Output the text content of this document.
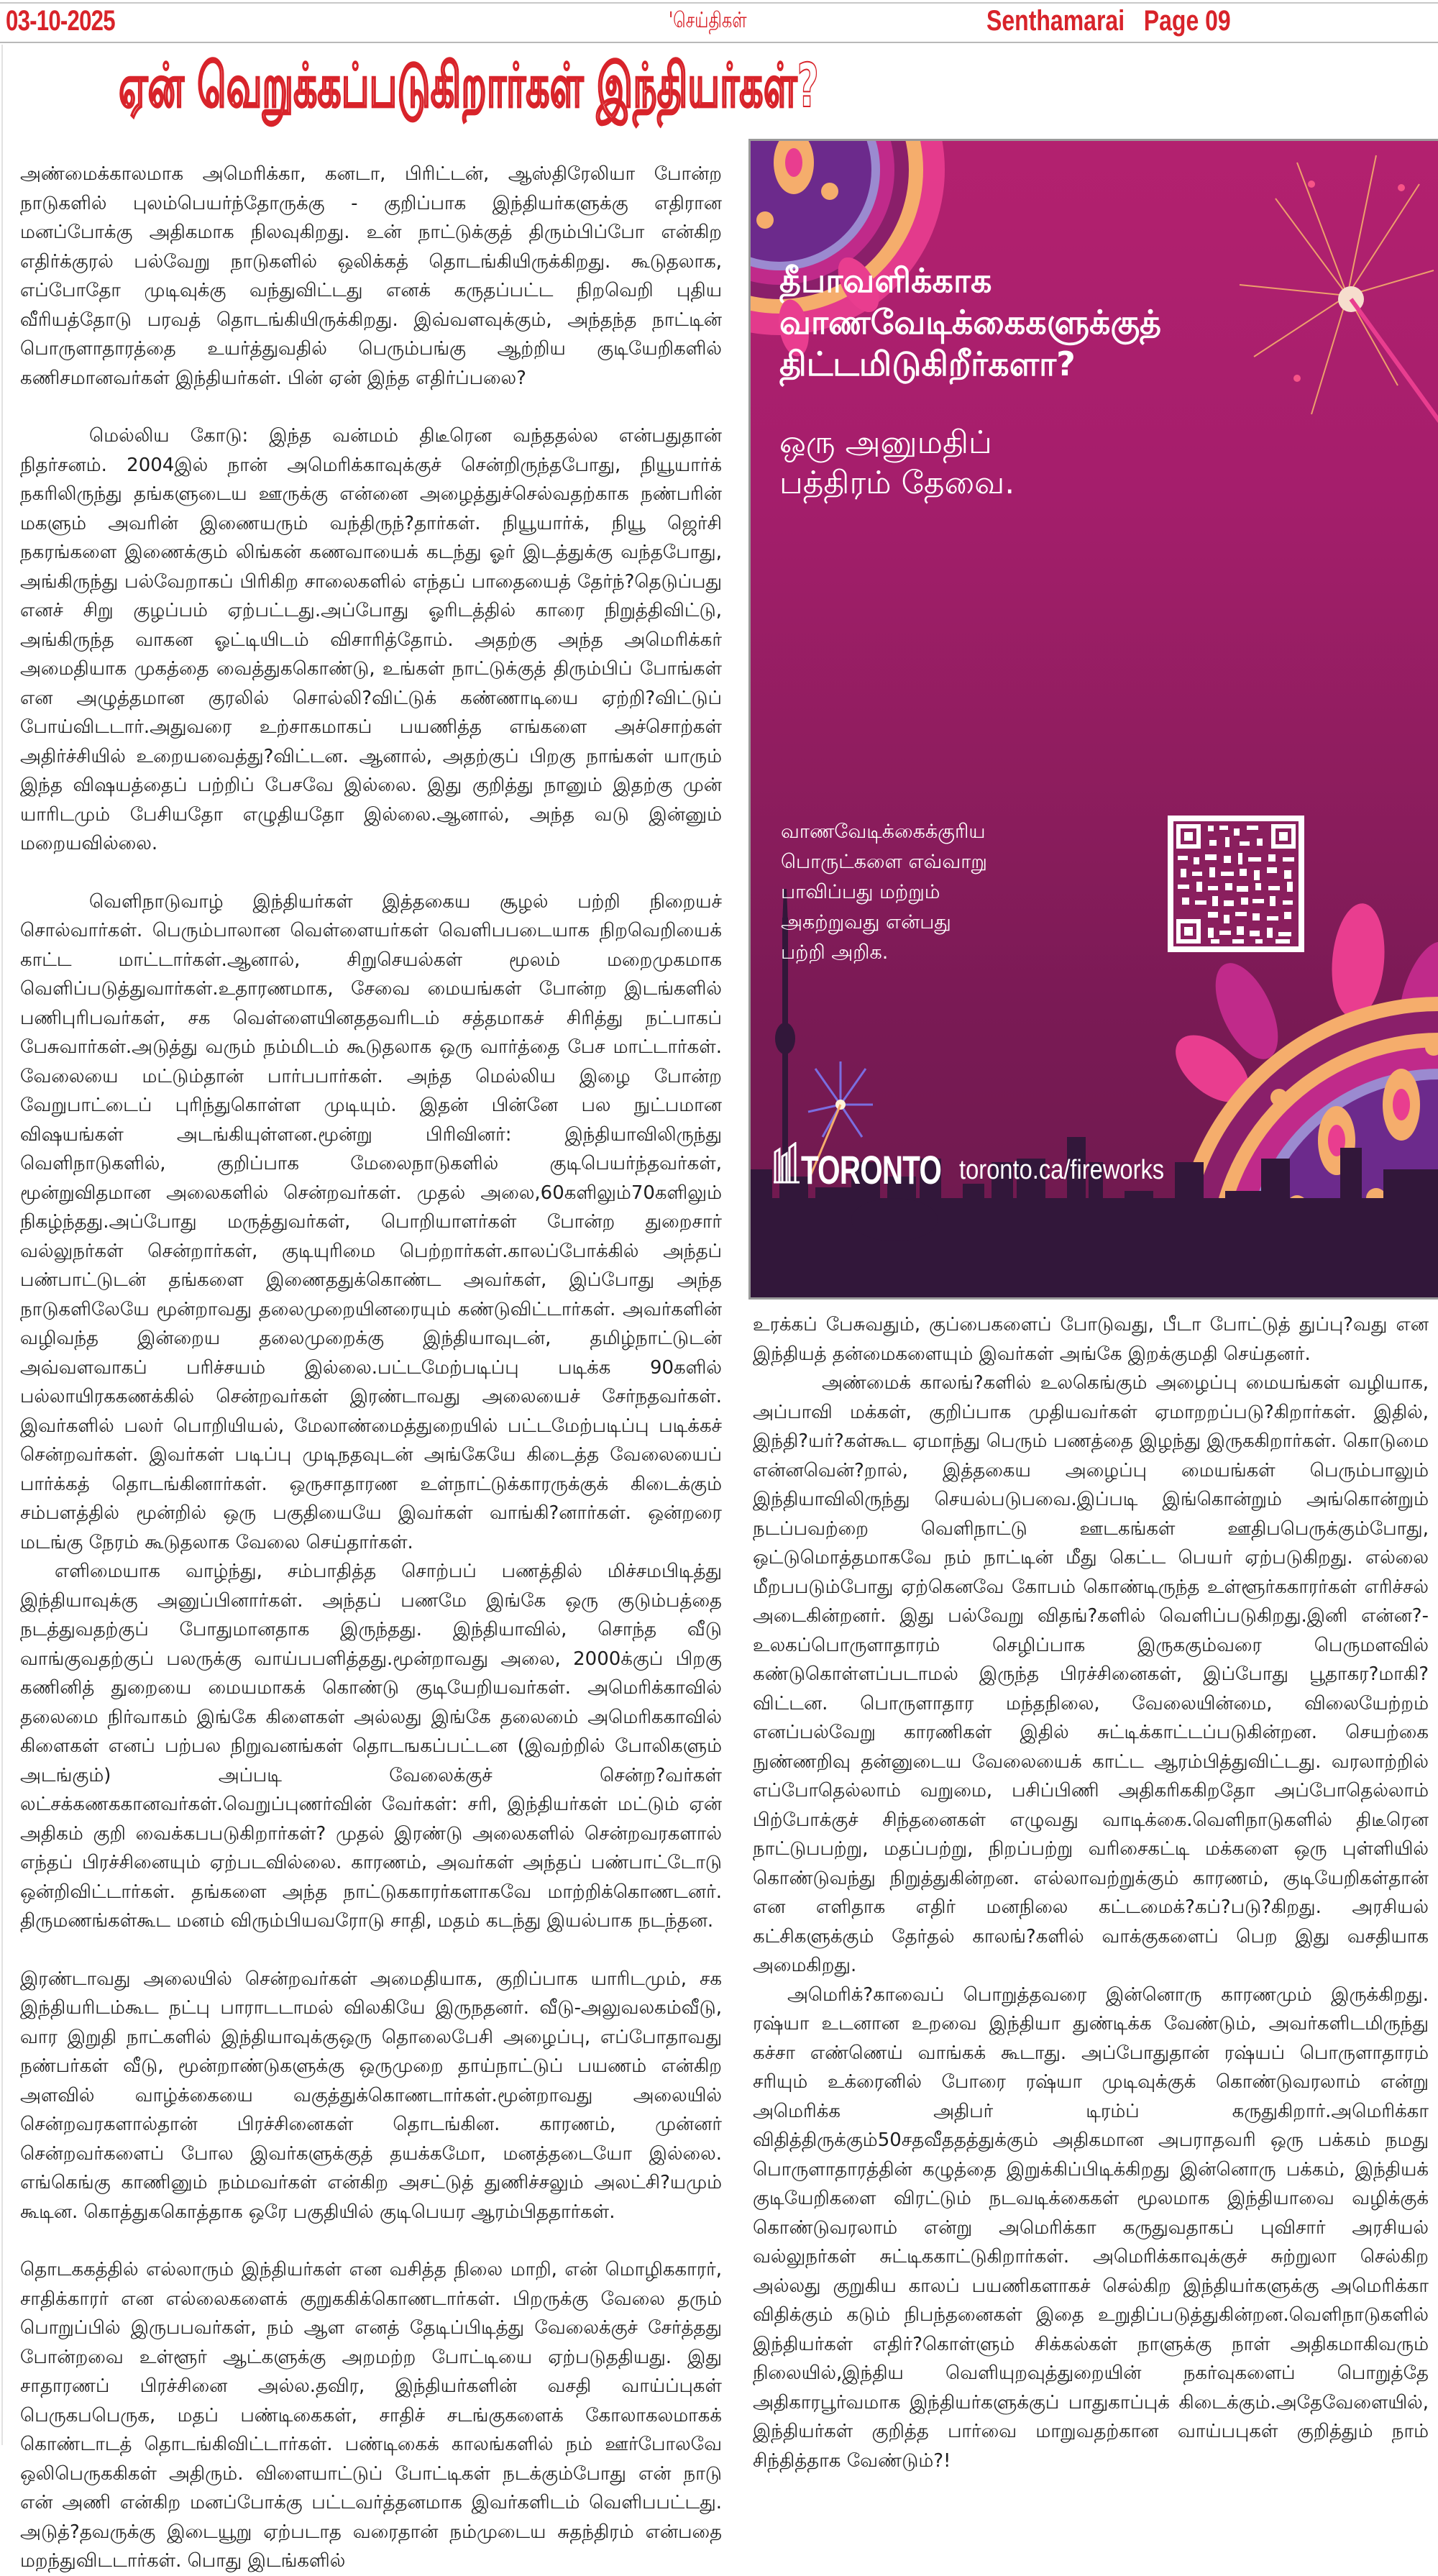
03-10-2025	'செய்திகள்	Senthamarai Page 09
ஏன் வெறுக்கப்படுகிறார்கள் இந்தியர்கள்?

அண்மைக்காலமாக அமெரிக்கா, கனடா, பிரிட்டன், ஆஸ்திரேலியா போன்ற நாடுகளில் புலம்பெயர்ந்தோருக்கு - குறிப்பாக இந்தியர்களுக்கு எதிரான மனப்போக்கு அதிகமாக நிலவுகிறது. உன் நாட்டுக்குத் திரும்பிப்போ என்கிற எதிர்க்குரல் பல்வேறு நாடுகளில் ஒலிக்கத் தொடங்கியிருக்கிறது. கூடுதலாக, எப்போதோ முடிவுக்கு வந்துவிட்டது எனக் கருதப்பட்ட நிறவெறி புதிய வீரியத்தோடு பரவத் தொடங்கியிருக்கிறது. இவ்வளவுக்கும், அந்தந்த நாட்டின் பொருளாதாரத்தை உயர்த்துவதில் பெரும்பங்கு ஆற்றிய குடியேறிகளில் கணிசமானவர்கள் இந்தியர்கள். பின் ஏன் இந்த எதிர்ப்பலை?

மெல்லிய கோடு: இந்த வன்மம் திடீரென வந்ததல்ல என்பதுதான் நிதர்சனம். 2004இல் நான் அமெரிக்காவுக்குச் சென்றிருந்தபோது, நியூயார்க் நகரிலிருந்து தங்களுடைய ஊருக்கு என்னை அழைத்துச்செல்வதற்காக நண்பரின் மகளும் அவரின் இணையரும் வந்திருந்?தார்கள். நியூயார்க், நியூ ஜெர்சி நகரங்களை இணைக்கும் லிங்கன் கணவாயைக் கடந்து ஓர் இடத்துக்கு வந்தபோது, அங்கிருந்து பல்வேறாகப் பிரிகிற சாலைகளில் எந்தப் பாதையைத் தேர்ந்?தெடுப்பது எனச் சிறு குழப்பம் ஏற்பட்டது.அப்போது ஓரிடத்தில் காரை நிறுத்திவிட்டு, அங்கிருந்த வாகன ஓட்டியிடம் விசாரித்தோம். அதற்கு அந்த அமெரிக்கர் அமைதியாக முகத்தை வைத்துககொண்டு, உங்கள் நாட்டுக்குத் திரும்பிப் போங்கள் என அழுத்தமான குரலில் சொல்லி?விட்டுக் கண்ணாடியை ஏற்றி?விட்டுப் போய்விடடார்.அதுவரை உற்சாகமாகப் பயணித்த எங்களை அச்சொற்கள் அதிர்ச்சியில் உறையவைத்து?விட்டன. ஆனால், அதற்குப் பிறகு நாங்கள் யாரும் இந்த விஷயத்தைப் பற்றிப் பேசவே இல்லை. இது குறித்து நானும் இதற்கு முன் யாரிடமும் பேசியதோ எழுதியதோ இல்லை.ஆனால், அந்த வடு இன்னும் மறையவில்லை.

வெளிநாடுவாழ் இந்தியர்கள் இத்தகைய சூழல் பற்றி நிறையச் சொல்வார்கள். பெரும்பாலான வெள்ளையர்கள் வெளிபபடையாக நிறவெறியைக் காட்ட மாட்டார்கள்.ஆனால், சிறுசெயல்கள் மூலம் மறைமுகமாக வெளிப்படுத்துவார்கள்.உதாரணமாக, சேவை மையங்கள் போன்ற இடங்களில் பணிபுரிபவர்கள், சக வெள்ளையினததவரிடம் சத்தமாகச் சிரித்து நட்பாகப் பேசுவார்கள்.அடுத்து வரும் நம்மிடம் கூடுதலாக ஒரு வார்த்தை பேச மாட்டார்கள். வேலையை மட்டும்தான் பார்பபார்கள். அந்த மெல்லிய இழை போன்ற வேறுபாட்டைப் புரிந்துகொள்ள முடியும். இதன் பின்னே பல நுட்பமான விஷயங்கள் அடங்கியுள்ளன.மூன்று பிரிவினர்: இந்தியாவிலிருந்து வெளிநாடுகளில், குறிப்பாக மேலைநாடுகளில் குடிபெயர்ந்தவர்கள், மூன்றுவிதமான அலைகளில் சென்றவர்கள். முதல் அலை,60களிலும்70களிலும் நிகழ்ந்தது.அப்போது மருத்துவர்கள், பொறியாளர்கள் போன்ற துறைசார் வல்லுநர்கள் சென்றார்கள், குடியுரிமை பெற்றார்கள்.காலப்போக்கில் அந்தப் பண்பாட்டுடன் தங்களை இணைததுக்கொண்ட அவர்கள், இப்போது அந்த நாடுகளிலேயே மூன்றாவது தலைமுறையினரையும் கண்டுவிட்டார்கள். அவர்களின் வழிவந்த இன்றைய தலைமுறைக்கு இந்தியாவுடன், தமிழ்நாட்டுடன் அவ்வளவாகப் பரிச்சயம் இல்லை.பட்டமேற்படிப்பு படிக்க 90களில் பல்லாயிரககணக்கில் சென்றவர்கள் இரண்டாவது அலையைச் சேர்நதவர்கள். இவர்களில் பலர் பொறியியல், மேலாண்மைத்துறையில் பட்டமேற்படிப்பு படிக்கச் சென்றவர்கள். இவர்கள் படிப்பு முடிநதவுடன் அங்கேயே கிடைத்த வேலையைப் பார்க்கத் தொடங்கினார்கள். ஒருசாதாரண உள்நாட்டுக்காரருக்குக் கிடைக்கும் சம்பளத்தில் மூன்றில் ஒரு பகுதியையே இவர்கள் வாங்கி?னார்கள். ஒன்றரை மடங்கு நேரம் கூடுதலாக வேலை செய்தார்கள்.

எளிமையாக வாழ்ந்து, சம்பாதித்த சொற்பப் பணத்தில் மிச்சமபிடித்து இந்தியாவுக்கு அனுப்பினார்கள். அந்தப் பணமே இங்கே ஒரு குடும்பத்தை நடத்துவதற்குப் போதுமானதாக இருந்தது. இந்தியாவில், சொந்த வீடு வாங்குவதற்குப் பலருக்கு வாய்பபளித்தது.மூன்றாவது அலை, 2000க்குப் பிறகு கணினித் துறையை மையமாகக் கொண்டு குடியேறியவர்கள். அமெரிக்காவில் தலைமை நிர்வாகம் இங்கே கிளைகள் அல்லது இங்கே தலைமை் அமெரிககாவில் கிளைகள் எனப் பற்பல நிறுவனங்கள் தொடஙகப்பட்டன (இவற்றில் போலிகளும் அடங்கும்) அப்படி வேலைக்குச் சென்ற?வர்கள் லட்சக்கணககானவர்கள்.வெறுப்புணர்வின் வேர்கள்: சரி, இந்தியர்கள் மட்டும் ஏன் அதிகம் குறி வைக்கபபடுகிறார்கள்? முதல் இரண்டு அலைகளில் சென்றவரகளால் எந்தப் பிரச்சினையும் ஏற்படவில்லை. காரணம், அவர்கள் அந்தப் பண்பாட்டோடு ஒன்றிவிட்டார்கள். தங்களை அந்த நாட்டுககாரர்களாகவே மாற்றிக்கொணடனர். திருமணங்கள்கூட மனம் விரும்பியவரோடு சாதி, மதம் கடந்து இயல்பாக நடந்தன.

இரண்டாவது அலையில் சென்றவர்கள் அமைதியாக, குறிப்பாக யாரிடமும், சக இந்தியரிடம்கூட நட்பு பாராடடாமல் விலகியே இருநதனர். வீடு-அலுவலகம்வீடு, வார இறுதி நாட்களில் இந்தியாவுக்குஒரு தொலைபேசி அழைப்பு, எப்போதாவது நண்பர்கள் வீடு, மூன்றாண்டுகளுக்கு ஒருமுறை தாய்நாட்டுப் பயணம் என்கிற அளவில் வாழ்க்கையை வகுத்துக்கொணடார்கள்.மூன்றாவது அலையில் சென்றவரகளால்தான் பிரச்சினைகள் தொடங்கின. காரணம், முன்னர் சென்றவர்களைப் போல இவர்களுக்குத் தயக்கமோ, மனத்தடையோ இல்லை. எங்கெங்கு காணினும் நம்மவர்கள் என்கிற அசட்டுத் துணிச்சலும் அலட்சி?யமும் கூடின. கொத்துககொத்தாக ஒரே பகுதியில் குடிபெயர ஆரம்பிததார்கள்.

தொடககத்தில் எல்லாரும் இந்தியர்கள் என வசித்த நிலை மாறி, என் மொழிககாரர், சாதிக்காரர் என எல்லைகளைக் குறுககிக்கொணடார்கள். பிறருக்கு வேலை தரும் பொறுப்பில் இருபபவர்கள், நம் ஆள எனத் தேடிப்பிடித்து வேலைக்குச் சேர்த்தது போன்றவை உள்ளூர் ஆட்களுக்கு அறமற்ற போட்டியை ஏற்படுததியது. இது சாதாரணப் பிரச்சினை அல்ல.தவிர, இந்தியர்களின் வசதி வாய்ப்புகள் பெருகபபெருக, மதப் பண்டிகைகள், சாதிச் சடங்குகளைக் கோலாகலமாகக் கொண்டாடத் தொடங்கிவிட்டார்கள். பண்டிகைக் காலங்களில் நம் ஊர்போலவே ஒலிபெருககிகள் அதிரும். விளையாட்டுப் போட்டிகள் நடக்கும்போது என் நாடு என் அணி என்கிற மனப்போக்கு பட்டவர்த்தனமாக இவர்களிடம் வெளிபபட்டது. அடுத்?தவருக்கு இடையூறு ஏற்படாத வரைதான் நம்முடைய சுதந்திரம் என்பதை மறந்துவிடடார்கள். பொது இடங்களில்

தீபாவளிக்காக
வாணவேடிக்கைகளுக்குத்
திட்டமிடுகிறீர்களா?
ஒரு அனுமதிப்
பத்திரம் தேவை.
வாணவேடிக்கைக்குரிய
பொருட்களை எவ்வாறு
பாவிப்பது மற்றும்
அகற்றுவது என்பது
பற்றி அறிக.
TORONTO toronto.ca/fireworks

உரக்கப் பேசுவதும், குப்பைகளைப் போடுவது, பீடா போட்டுத் துப்பு?வது என இந்தியத் தன்மைகளையும் இவர்கள் அங்கே இறக்குமதி செய்தனர்.

அண்மைக் காலங்?களில் உலகெங்கும் அழைப்பு மையங்கள் வழியாக, அப்பாவி மக்கள், குறிப்பாக முதியவர்கள் ஏமாறறப்படு?கிறார்கள். இதில், இந்தி?யர்?கள்கூட ஏமாந்து பெரும் பணத்தை இழந்து இருககிறார்கள். கொடுமை என்னவென்?றால், இத்தகைய அழைப்பு மையங்கள் பெரும்பாலும் இந்தியாவிலிருந்து செயல்படுபவை.இப்படி இங்கொன்றும் அங்கொன்றும் நடப்பவற்றை வெளிநாட்டு ஊடகங்கள் ஊதிபபெருக்கும்போது, ஒட்டுமொத்தமாகவே நம் நாட்டின் மீது கெட்ட பெயர் ஏற்படுகிறது. எல்லை மீறபபடும்போது ஏற்கெனவே கோபம் கொண்டிருந்த உள்ளூர்ககாரர்கள் எரிச்சல் அடைகின்றனர். இது பல்வேறு விதங்?களில் வெளிப்படுகிறது.இனி என்ன?- உலகப்பொருளாதாரம் செழிப்பாக இருககும்வரை பெருமளவில் கண்டுகொள்ளப்படாமல் இருந்த பிரச்சினைகள், இப்போது பூதாகர?மாகி?விட்டன. பொருளாதார மந்தநிலை, வேலையின்மை, விலையேற்றம் எனப்பல்வேறு காரணிகள் இதில் சுட்டிக்காட்டப்படுகின்றன. செயற்கை நுண்ணறிவு தன்னுடைய வேலையைக் காட்ட ஆரம்பித்துவிட்டது. வரலாற்றில் எப்போதெல்லாம் வறுமை, பசிப்பிணி அதிகரிககிறதோ அப்போதெல்லாம் பிற்போக்குச் சிந்தனைகள் எழுவது வாடிக்கை.வெளிநாடுகளில் திடீரென நாட்டுபபற்று, மதப்பற்று, நிறப்பற்று வரிசைகட்டி மக்களை ஒரு புள்ளியில் கொண்டுவந்து நிறுத்துகின்றன. எல்லாவற்றுக்கும் காரணம், குடியேறிகள்தான் என எளிதாக எதிர் மனநிலை கட்டமைக்?கப்?படு?கிறது. அரசியல் கட்சிகளுக்கும் தேர்தல் காலங்?களில் வாக்குகளைப் பெற இது வசதியாக அமைகிறது.

அமெரிக்?காவைப் பொறுத்தவரை இன்னொரு காரணமும் இருக்கிறது. ரஷ்யா உடனான உறவை இந்தியா துண்டிக்க வேண்டும், அவர்களிடமிருந்து கச்சா எண்ணெய் வாங்கக் கூடாது. அப்போதுதான் ரஷ்யப் பொருளாதாரம் சரியும் உக்ரைனில் போரை ரஷ்யா முடிவுக்குக் கொண்டுவரலாம் என்று அமெரிக்க அதிபர் டிரம்ப் கருதுகிறார்.அமெரிக்கா விதித்திருக்கும்50சதவீததத்துக்கும் அதிகமான அபராதவரி ஒரு பக்கம் நமது பொருளாதாரத்தின் கழுத்தை இறுக்கிப்பிடிக்கிறது இன்னொரு பக்கம், இந்தியக் குடியேறிகளை விரட்டும் நடவடிக்கைகள் மூலமாக இந்தியாவை வழிக்குக் கொண்டுவரலாம் என்று அமெரிக்கா கருதுவதாகப் புவிசார் அரசியல் வல்லுநர்கள் சுட்டிககாட்டுகிறார்கள். அமெரிக்காவுக்குச் சுற்றுலா செல்கிற அல்லது குறுகிய காலப் பயணிகளாகச் செல்கிற இந்தியர்களுக்கு அமெரிக்கா விதிக்கும் கடும் நிபந்தனைகள் இதை உறுதிப்படுத்துகின்றன.வெளிநாடுகளில் இந்தியர்கள் எதிர்?கொள்ளும் சிக்கல்கள் நாளுக்கு நாள் அதிகமாகிவரும் நிலையில்,இந்திய வெளியுறவுத்துறையின் நகர்வுகளைப் பொறுத்தே அதிகாரபூர்வமாக இந்தியர்களுக்குப் பாதுகாப்புக் கிடைக்கும்.அதேவேளையில், இந்தியர்கள் குறித்த பார்வை மாறுவதற்கான வாய்பபுகள் குறித்தும் நாம் சிந்தித்தாக வேண்டும்?!
